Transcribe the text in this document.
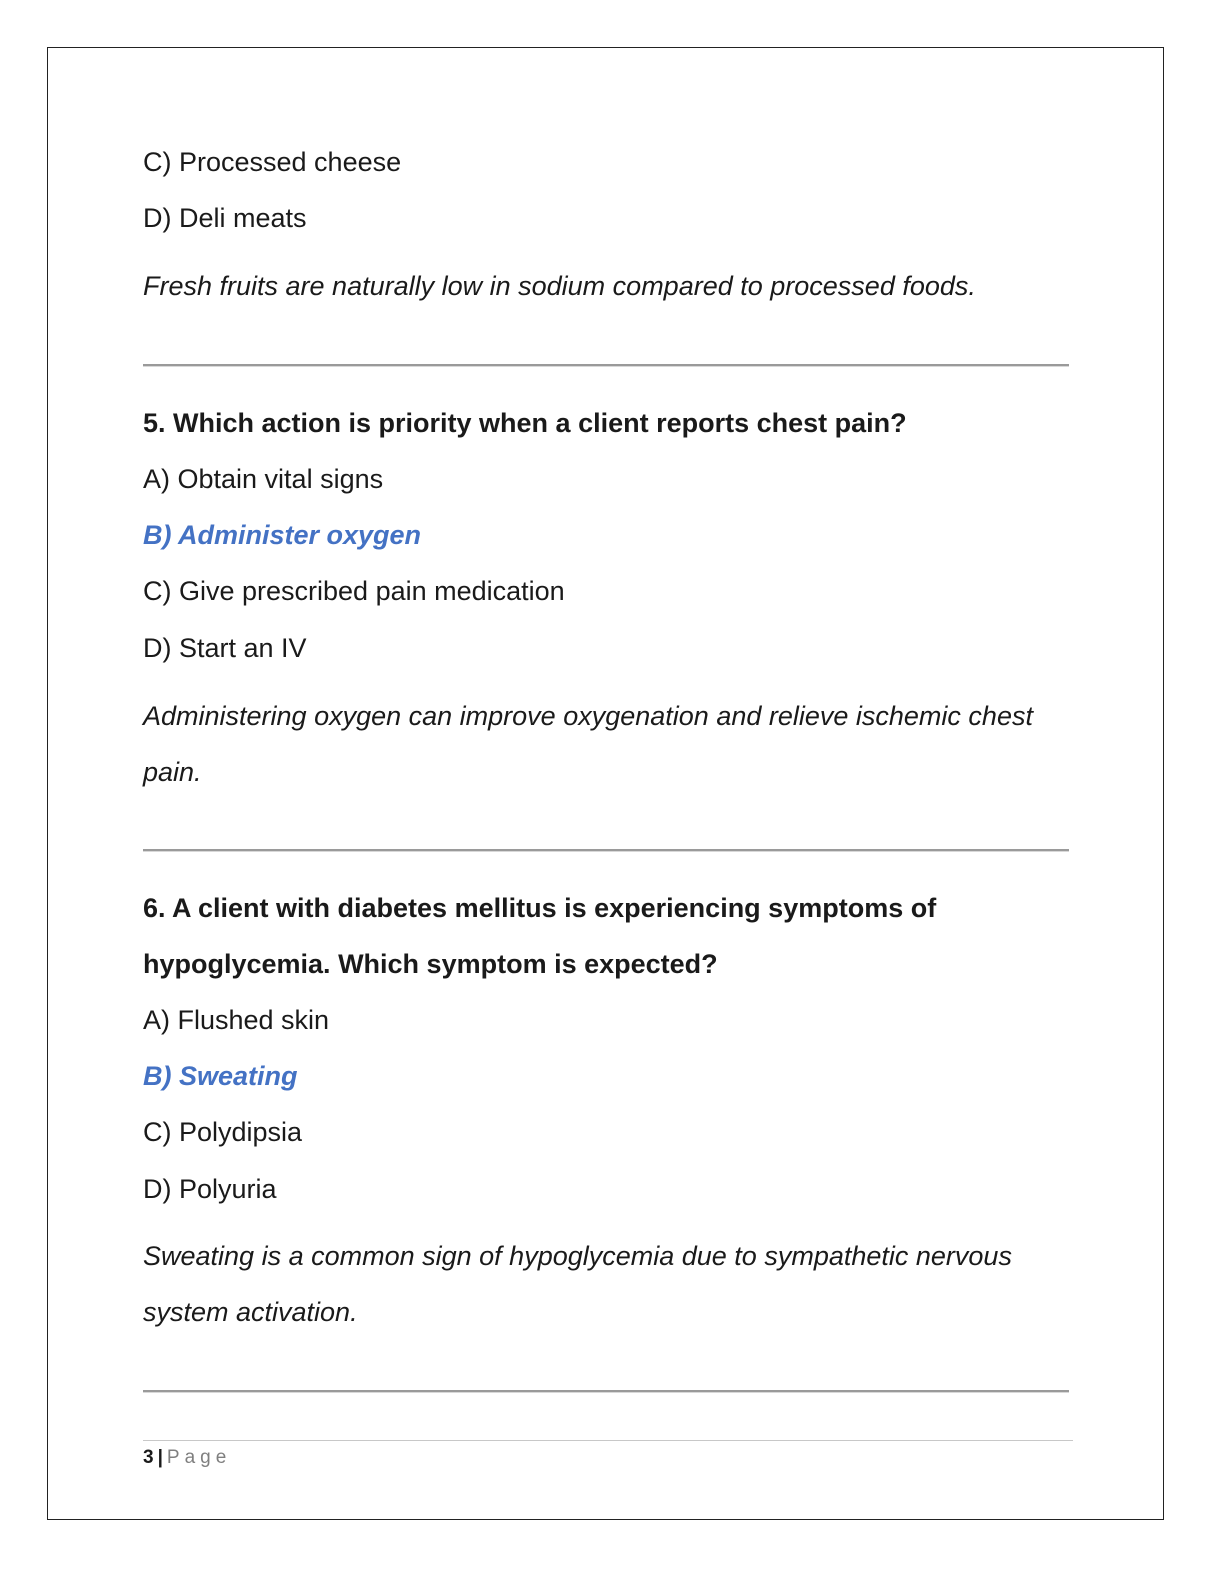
C) Processed cheese
D) Deli meats
Fresh fruits are naturally low in sodium compared to processed foods.
5. Which action is priority when a client reports chest pain?
A) Obtain vital signs
B) Administer oxygen
C) Give prescribed pain medication
D) Start an IV
Administering oxygen can improve oxygenation and relieve ischemic chest
pain.
6. A client with diabetes mellitus is experiencing symptoms of
hypoglycemia. Which symptom is expected?
A) Flushed skin
B) Sweating
C) Polydipsia
D) Polyuria
Sweating is a common sign of hypoglycemia due to sympathetic nervous
system activation.
3 | Page
